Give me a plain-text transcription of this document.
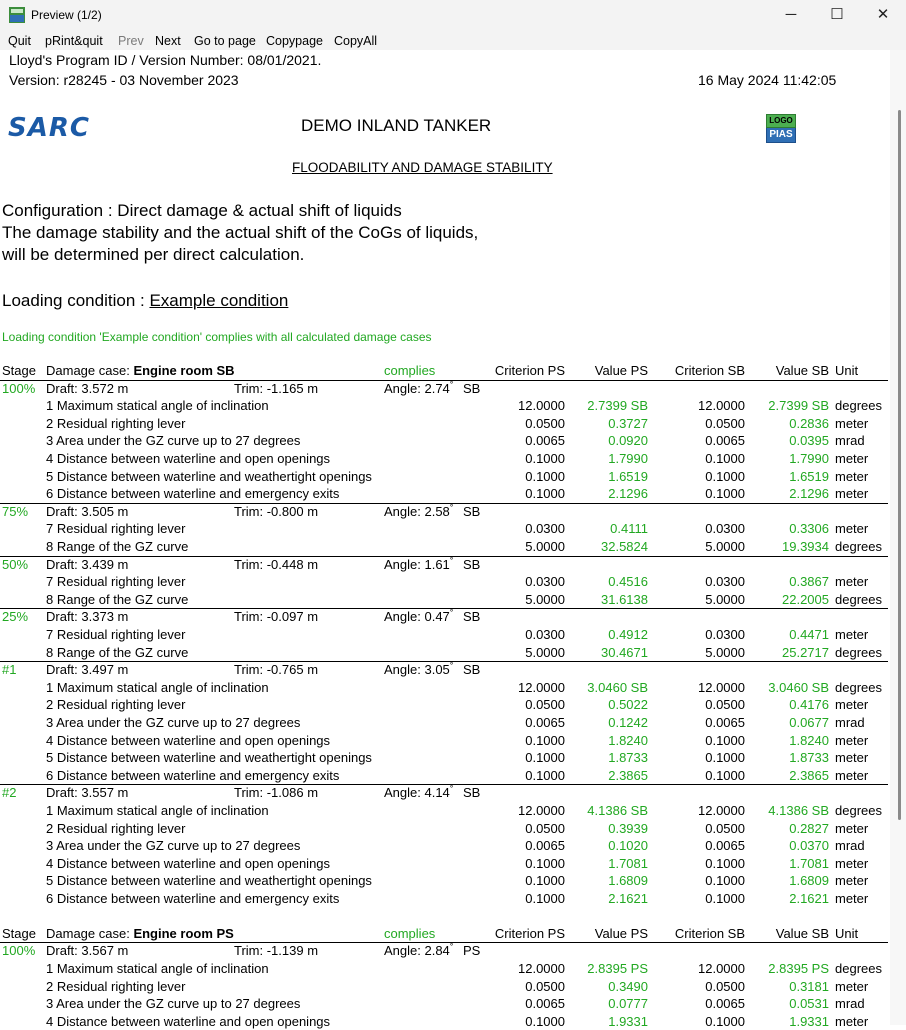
Preview (1/2)	─	☐	✕
Quit pRint&quit Prev Next Go to page Copypage CopyAll
Lloyd's Program ID / Version Number: 08/01/2021.
Version: r28245 - 03 November 2023	16 May 2024 11:42:05
SARC	LOGO
PIAS
DEMO INLAND TANKER
FLOODABILITY AND DAMAGE STABILITY
Configuration : Direct damage & actual shift of liquids
The damage stability and the actual shift of the CoGs of liquids,
will be determined per direct calculation.
Loading condition : Example condition
Loading condition 'Example condition' complies with all calculated damage cases
Stage Damage case: Engine room SB	complies	Criterion PS Value PS Criterion SB Value SB Unit
100% Draft: 3.572 m	Trim: -1.165 m	Angle: 2.74° SB
1 Maximum statical angle of inclination	12.0000 2.7399 SB	12.0000 2.7399 SB degrees
2 Residual righting lever	0.0500	0.3727	0.0500	0.2836 meter
3 Area under the GZ curve up to 27 degrees	0.0065	0.0920	0.0065	0.0395 mrad
4 Distance between waterline and open openings	0.1000	1.7990	0.1000	1.7990 meter
5 Distance between waterline and weathertight openings	0.1000	1.6519	0.1000	1.6519 meter
6 Distance between waterline and emergency exits	0.1000	2.1296	0.1000	2.1296 meter
75% Draft: 3.505 m	Trim: -0.800 m	Angle: 2.58° SB
7 Residual righting lever	0.0300	0.4111	0.0300	0.3306 meter
8 Range of the GZ curve	5.0000	32.5824	5.0000	19.3934 degrees
50% Draft: 3.439 m	Trim: -0.448 m	Angle: 1.61° SB
7 Residual righting lever	0.0300	0.4516	0.0300	0.3867 meter
8 Range of the GZ curve	5.0000	31.6138	5.0000	22.2005 degrees
25% Draft: 3.373 m	Trim: -0.097 m	Angle: 0.47° SB
7 Residual righting lever	0.0300	0.4912	0.0300	0.4471 meter
8 Range of the GZ curve	5.0000	30.4671	5.0000	25.2717 degrees
#1 Draft: 3.497 m	Trim: -0.765 m	Angle: 3.05° SB
1 Maximum statical angle of inclination	12.0000 3.0460 SB	12.0000 3.0460 SB degrees
2 Residual righting lever	0.0500	0.5022	0.0500	0.4176 meter
3 Area under the GZ curve up to 27 degrees	0.0065	0.1242	0.0065	0.0677 mrad
4 Distance between waterline and open openings	0.1000	1.8240	0.1000	1.8240 meter
5 Distance between waterline and weathertight openings	0.1000	1.8733	0.1000	1.8733 meter
6 Distance between waterline and emergency exits	0.1000	2.3865	0.1000	2.3865 meter
#2 Draft: 3.557 m	Trim: -1.086 m	Angle: 4.14° SB
1 Maximum statical angle of inclination	12.0000 4.1386 SB	12.0000 4.1386 SB degrees
2 Residual righting lever	0.0500	0.3939	0.0500	0.2827 meter
3 Area under the GZ curve up to 27 degrees	0.0065	0.1020	0.0065	0.0370 mrad
4 Distance between waterline and open openings	0.1000	1.7081	0.1000	1.7081 meter
5 Distance between waterline and weathertight openings	0.1000	1.6809	0.1000	1.6809 meter
6 Distance between waterline and emergency exits	0.1000	2.1621	0.1000	2.1621 meter
Stage Damage case: Engine room PS	complies	Criterion PS Value PS Criterion SB Value SB Unit
100% Draft: 3.567 m	Trim: -1.139 m	Angle: 2.84° PS
1 Maximum statical angle of inclination	12.0000 2.8395 PS	12.0000 2.8395 PS degrees
2 Residual righting lever	0.0500	0.3490	0.0500	0.3181 meter
3 Area under the GZ curve up to 27 degrees	0.0065	0.0777	0.0065	0.0531 mrad
4 Distance between waterline and open openings	0.1000	1.9331	0.1000	1.9331 meter
